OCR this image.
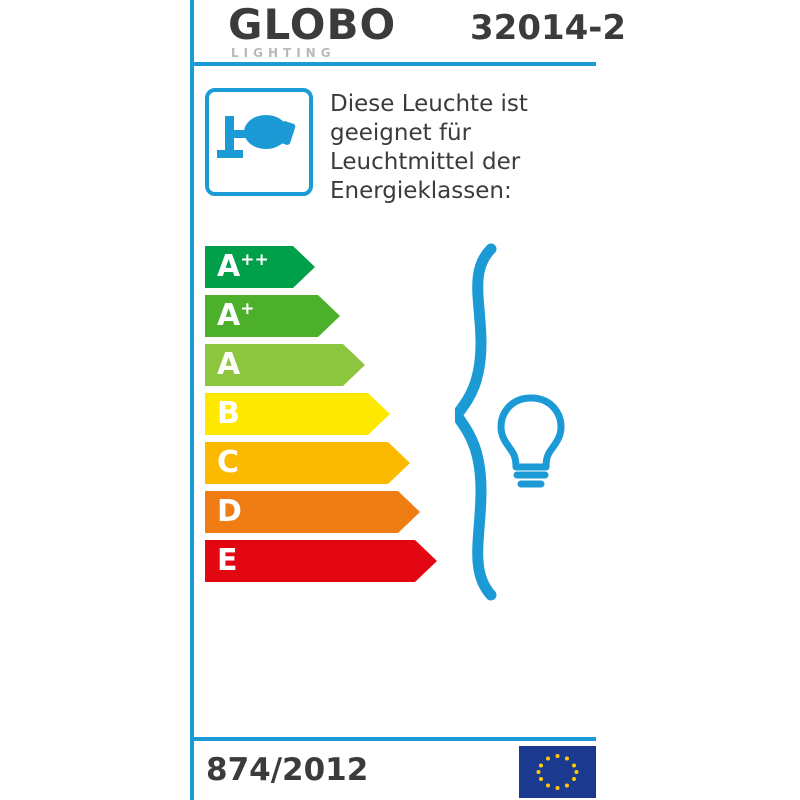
GLOBO
LIGHTING
32014-2
Diese Leuchte ist geeignet für Leuchtmittel der Energieklassen:
A++
A+
A
B
C
D
E
874/2012
